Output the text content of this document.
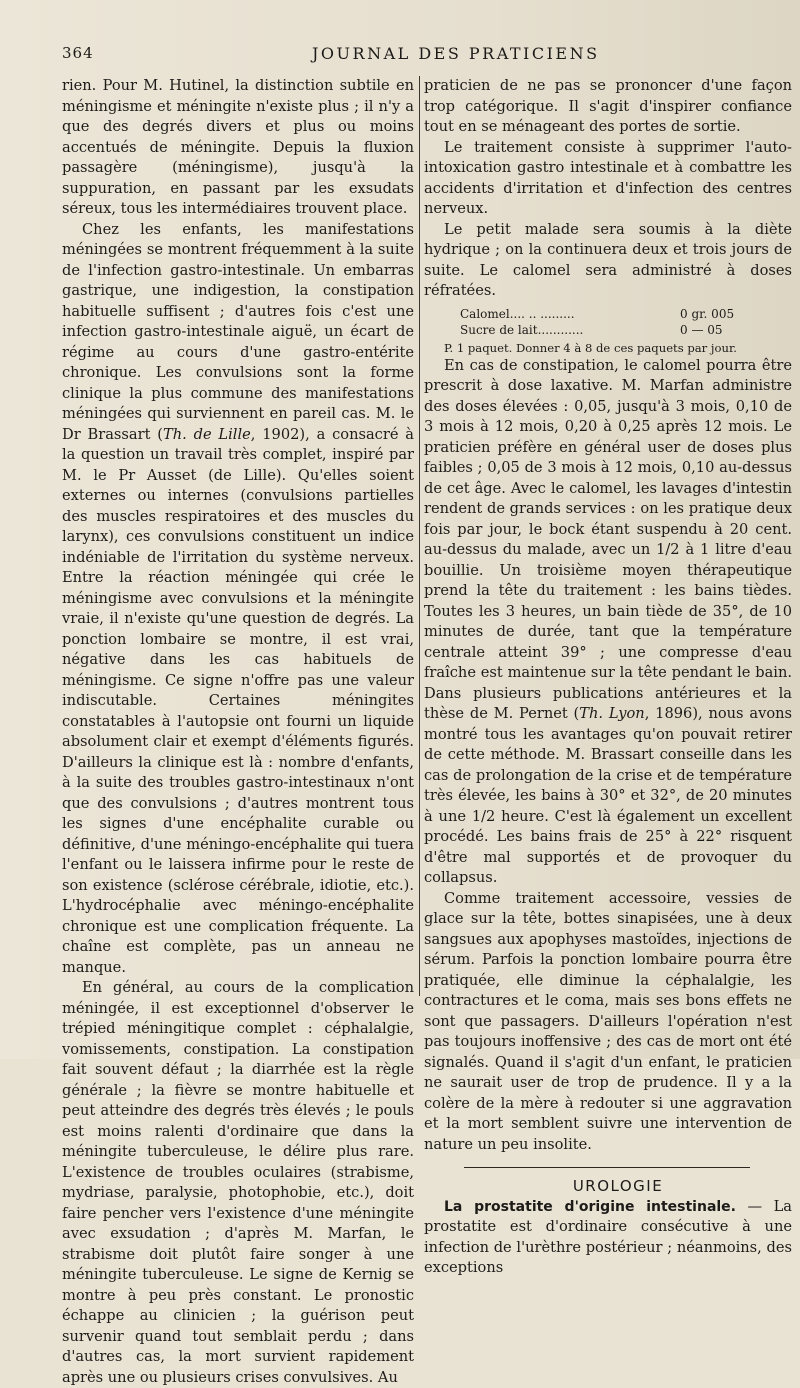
364	JOURNAL DES PRATICIENS

rien. Pour M. Hutinel, la distinction subtile en méningisme et méningite n'existe plus ; il n'y a que des degrés divers et plus ou moins accentués de méningite. Depuis la fluxion passagère (méningisme), jusqu'à la suppuration, en passant par les exsudats séreux, tous les intermédiaires trouvent place.

Chez les enfants, les manifestations méningées se montrent fréquemment à la suite de l'infection gastro-intestinale. Un embarras gastrique, une indigestion, la constipation habituelle suffisent ; d'autres fois c'est une infection gastro-intestinale aiguë, un écart de régime au cours d'une gastro-entérite chronique. Les convulsions sont la forme clinique la plus commune des manifestations méningées qui surviennent en pareil cas. M. le Dr Brassart (Th. de Lille, 1902), a consacré à la question un travail très complet, inspiré par M. le Pr Ausset (de Lille). Qu'elles soient externes ou internes (convulsions partielles des muscles respiratoires et des muscles du larynx), ces convulsions constituent un indice indéniable de l'irritation du système nerveux. Entre la réaction méningée qui crée le méningisme avec convulsions et la méningite vraie, il n'existe qu'une question de degrés. La ponction lombaire se montre, il est vrai, négative dans les cas habituels de méningisme. Ce signe n'offre pas une valeur indiscutable. Certaines méningites constatables à l'autopsie ont fourni un liquide absolument clair et exempt d'éléments figurés. D'ailleurs la clinique est là : nombre d'enfants, à la suite des troubles gastro-intestinaux n'ont que des convulsions ; d'autres montrent tous les signes d'une encéphalite curable ou définitive, d'une méningo-encéphalite qui tuera l'enfant ou le laissera infirme pour le reste de son existence (sclérose cérébrale, idiotie, etc.). L'hydrocéphalie avec méningo-encéphalite chronique est une complication fréquente. La chaîne est complète, pas un anneau ne manque.

En général, au cours de la complication méningée, il est exceptionnel d'observer le trépied méningitique complet : céphalalgie, vomissements, constipation. La constipation fait souvent défaut ; la diarrhée est la règle générale ; la fièvre se montre habituelle et peut atteindre des degrés très élevés ; le pouls est moins ralenti d'ordinaire que dans la méningite tuberculeuse, le délire plus rare. L'existence de troubles oculaires (strabisme, mydriase, paralysie, photophobie, etc.), doit faire pencher vers l'existence d'une méningite avec exsudation ; d'après M. Marfan, le strabisme doit plutôt faire songer à une méningite tuberculeuse. Le signe de Kernig se montre à peu près constant. Le pronostic échappe au clinicien ; la guérison peut survenir quand tout semblait perdu ; dans d'autres cas, la mort survient rapidement après une ou plusieurs crises convulsives. Au

praticien de ne pas se prononcer d'une façon trop catégorique. Il s'agit d'inspirer confiance tout en se ménageant des portes de sortie.

Le traitement consiste à supprimer l'auto-intoxication gastro intestinale et à combattre les accidents d'irritation et d'infection des centres nerveux.

Le petit malade sera soumis à la diète hydrique ; on la continuera deux et trois jours de suite. Le calomel sera administré à doses réfratées.

Calomel.... .. .........	0 gr. 005
Sucre de lait............	0 — 05

P. 1 paquet. Donner 4 à 8 de ces paquets par jour.

En cas de constipation, le calomel pourra être prescrit à dose laxative. M. Marfan administre des doses élevées : 0,05, jusqu'à 3 mois, 0,10 de 3 mois à 12 mois, 0,20 à 0,25 après 12 mois. Le praticien préfère en général user de doses plus faibles ; 0,05 de 3 mois à 12 mois, 0,10 au-dessus de cet âge. Avec le calomel, les lavages d'intestin rendent de grands services : on les pratique deux fois par jour, le bock étant suspendu à 20 cent. au-dessus du malade, avec un 1/2 à 1 litre d'eau bouillie. Un troisième moyen thérapeutique prend la tête du traitement : les bains tièdes. Toutes les 3 heures, un bain tiède de 35°, de 10 minutes de durée, tant que la température centrale atteint 39° ; une compresse d'eau fraîche est maintenue sur la tête pendant le bain. Dans plusieurs publications antérieures et la thèse de M. Pernet (Th. Lyon, 1896), nous avons montré tous les avantages qu'on pouvait retirer de cette méthode. M. Brassart conseille dans les cas de prolongation de la crise et de température très élevée, les bains à 30° et 32°, de 20 minutes à une 1/2 heure. C'est là également un excellent procédé. Les bains frais de 25° à 22° risquent d'être mal supportés et de provoquer du collapsus.

Comme traitement accessoire, vessies de glace sur la tête, bottes sinapisées, une à deux sangsues aux apophyses mastoïdes, injections de sérum. Parfois la ponction lombaire pourra être pratiquée, elle diminue la céphalalgie, les contractures et le coma, mais ses bons effets ne sont que passagers. D'ailleurs l'opération n'est pas toujours inoffensive ; des cas de mort ont été signalés. Quand il s'agit d'un enfant, le praticien ne saurait user de trop de prudence. Il y a la colère de la mère à redouter si une aggravation et la mort semblent suivre une intervention de nature un peu insolite.

UROLOGIE

La prostatite d'origine intestinale. — La prostatite est d'ordinaire consécutive à une infection de l'urèthre postérieur ; néanmoins, des exceptions
